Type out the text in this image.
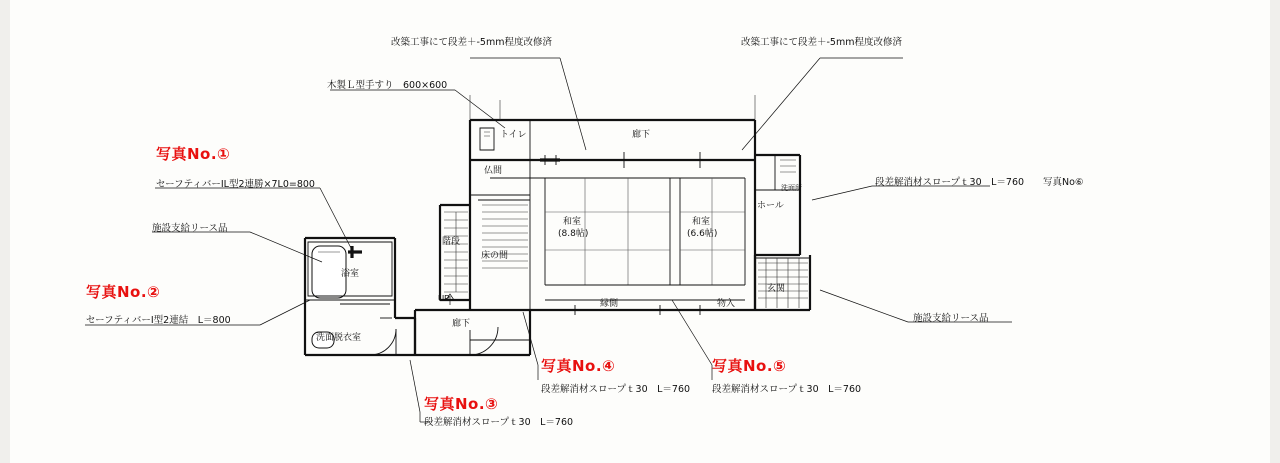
改築工事にて段差＋-5mm程度改修済	改築工事にて段差＋-5mm程度改修済
木製Ｌ型手すり　600×600
写真No.①
セーフティバーⅠL型2連勝×7L0=800
施設支給リース品
写真No.②
セーフティバーⅠ型2連結　L＝800
写真No.③
段差解消材スロープｔ30　L＝760
写真No.④
段差解消材スロープｔ30　L＝760
写真No.⑤
段差解消材スロープｔ30　L＝760
段差解消材スロープｔ30　L＝760 写真No⑥
施設支給リース品
トイレ	廊下
仏間
和室
(8.8帖)
和室
(6.6帖)
ホール
洗面所
床の間
縁側	物入
玄関
階段
UP
浴室
洗面脱衣室
廊下
